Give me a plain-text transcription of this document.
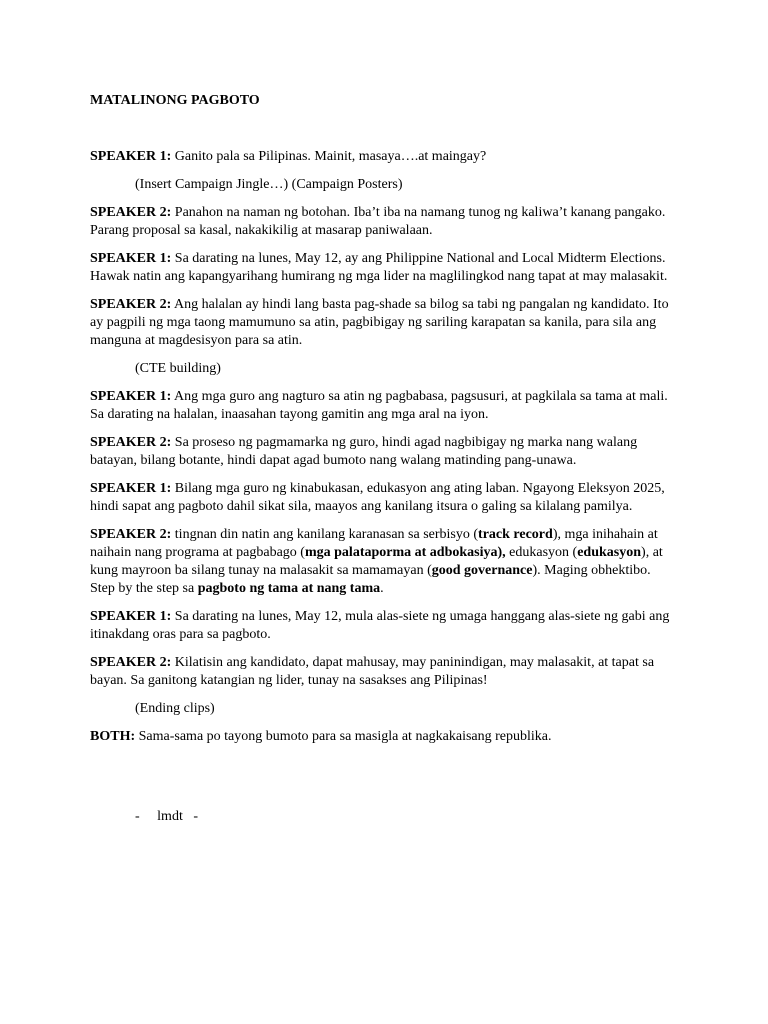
MATALINONG PAGBOTO

SPEAKER 1: Ganito pala sa Pilipinas. Mainit, masaya….at maingay?

(Insert Campaign Jingle…) (Campaign Posters)

SPEAKER 2: Panahon na naman ng botohan. Iba’t iba na namang tunog ng kaliwa’t kanang pangako. Parang proposal sa kasal, nakakikilig at masarap paniwalaan.

SPEAKER 1: Sa darating na lunes, May 12, ay ang Philippine National and Local Midterm Elections. Hawak natin ang kapangyarihang humirang ng mga lider na maglilingkod nang tapat at may malasakit.

SPEAKER 2: Ang halalan ay hindi lang basta pag-shade sa bilog sa tabi ng pangalan ng kandidato. Ito ay pagpili ng mga taong mamumuno sa atin, pagbibigay ng sariling karapatan sa kanila, para sila ang manguna at magdesisyon para sa atin.

(CTE building)

SPEAKER 1: Ang mga guro ang nagturo sa atin ng pagbabasa, pagsusuri, at pagkilala sa tama at mali. Sa darating na halalan, inaasahan tayong gamitin ang mga aral na iyon.

SPEAKER 2: Sa proseso ng pagmamarka ng guro, hindi agad nagbibigay ng marka nang walang batayan, bilang botante, hindi dapat agad bumoto nang walang matinding pang-unawa.

SPEAKER 1: Bilang mga guro ng kinabukasan, edukasyon ang ating laban. Ngayong Eleksyon 2025, hindi sapat ang pagboto dahil sikat sila, maayos ang kanilang itsura o galing sa kilalang pamilya.

SPEAKER 2: tingnan din natin ang kanilang karanasan sa serbisyo (track record), mga inihahain at naihain nang programa at pagbabago (mga palataporma at adbokasiya), edukasyon (edukasyon), at kung mayroon ba silang tunay na malasakit sa mamamayan (good governance). Maging obhektibo. Step by the step sa pagboto ng tama at nang tama.

SPEAKER 1: Sa darating na lunes, May 12, mula alas-siete ng umaga hanggang alas-siete ng gabi ang itinakdang oras para sa pagboto.

SPEAKER 2: Kilatisin ang kandidato, dapat mahusay, may paninindigan, may malasakit, at tapat sa bayan. Sa ganitong katangian ng lider, tunay na sasakses ang Pilipinas!

(Ending clips)

BOTH: Sama-sama po tayong bumoto para sa masigla at nagkakaisang republika.

-     lmdt   -
